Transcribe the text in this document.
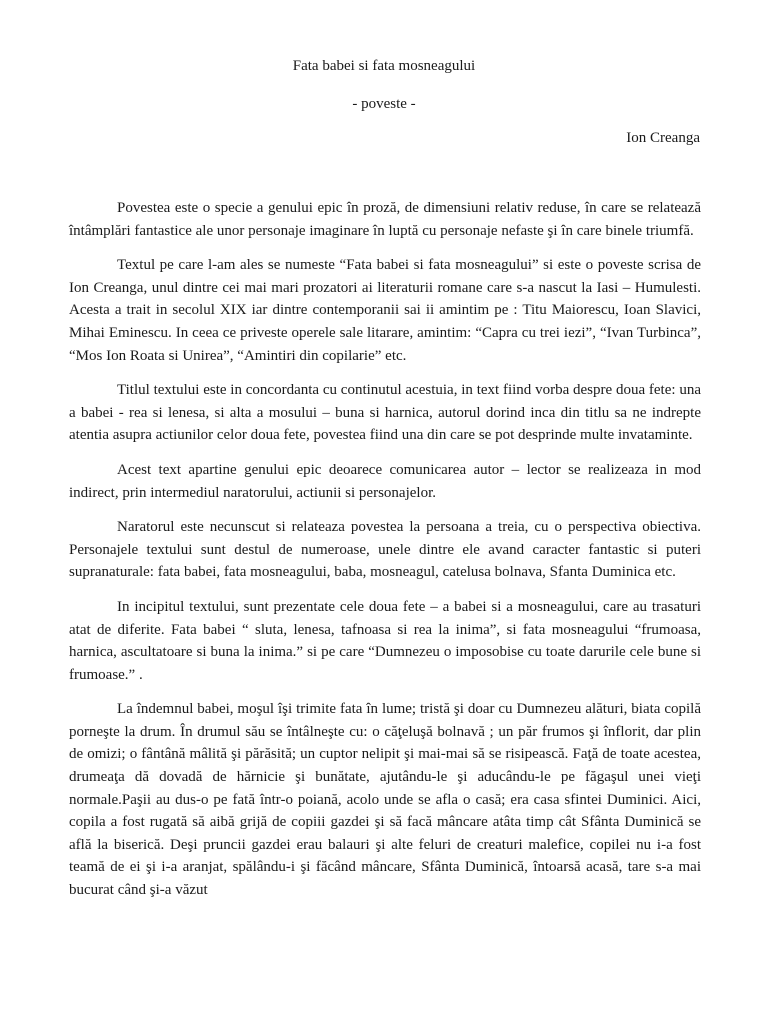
Fata babei si fata mosneagului
- poveste -
Ion Creanga

Povestea este o specie a genului epic în proză, de dimensiuni relativ reduse, în care se relatează întâmplări fantastice ale unor personaje imaginare în luptă cu personaje nefaste şi în care binele triumfă.

Textul pe care l-am ales se numeste “Fata babei si fata mosneagului” si este o poveste scrisa de Ion Creanga, unul dintre cei mai mari prozatori ai literaturii romane care s-a nascut la Iasi – Humulesti. Acesta a trait in secolul XIX iar dintre contemporanii sai ii amintim pe : Titu Maiorescu, Ioan Slavici, Mihai Eminescu. In ceea ce priveste operele sale litarare, amintim: “Capra cu trei iezi”, “Ivan Turbinca”, “Mos Ion Roata si Unirea”, “Amintiri din copilarie” etc.

Titlul textului este in concordanta cu continutul acestuia, in text fiind vorba despre doua fete: una a babei - rea si lenesa, si alta a mosului – buna si harnica, autorul dorind inca din titlu sa ne indrepte atentia asupra actiunilor celor doua fete, povestea fiind una din care se pot desprinde multe invataminte.

Acest text apartine genului epic deoarece comunicarea autor – lector se realizeaza in mod indirect, prin intermediul naratorului, actiunii si personajelor.

Naratorul este necunscut si relateaza povestea la persoana a treia, cu o perspectiva obiectiva. Personajele textului sunt destul de numeroase, unele dintre ele avand caracter fantastic si puteri supranaturale: fata babei, fata mosneagului, baba, mosneagul, catelusa bolnava, Sfanta Duminica etc.

In incipitul textului, sunt prezentate cele doua fete – a babei si a mosneagului, care au trasaturi atat de diferite. Fata babei “ sluta, lenesa, tafnoasa si rea la inima”, si fata mosneagului “frumoasa, harnica, ascultatoare si buna la inima.” si pe care “Dumnezeu o imposobise cu toate darurile cele bune si frumoase.” .

La îndemnul babei, moşul îşi trimite fata în lume; tristă şi doar cu Dumnezeu alături, biata copilă porneşte la drum. În drumul său se întâlneşte cu: o căţeluşă bolnavă ; un păr frumos şi înflorit, dar plin de omizi; o fântână mâlită şi părăsită; un cuptor nelipit şi mai-mai să se risipească. Faţă de toate acestea, drumeaţa dă dovadă de hărnicie şi bunătate, ajutându-le şi aducându-le pe făgaşul unei vieţi normale.Paşii au dus-o pe fată într-o poiană, acolo unde se afla o casă; era casa sfintei Duminici. Aici, copila a fost rugată să aibă grijă de copiii gazdei şi să facă mâncare atâta timp cât Sfânta Duminică se află la biserică. Deşi pruncii gazdei erau balauri şi alte feluri de creaturi malefice, copilei nu i-a fost teamă de ei şi i-a aranjat, spălându-i şi făcând mâncare, Sfânta Duminică, întoarsă acasă, tare s-a mai bucurat când şi-a văzut
